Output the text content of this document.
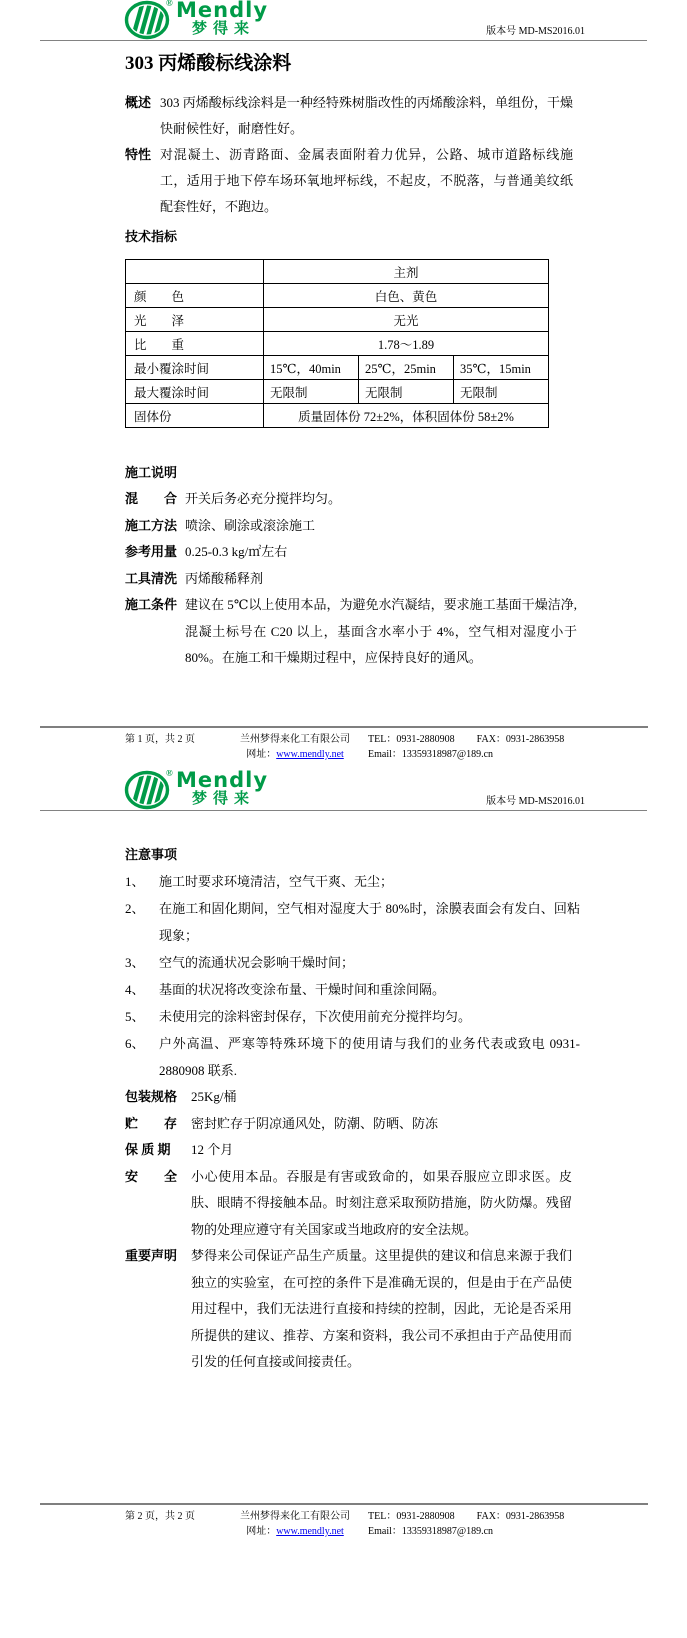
® Mendly
梦得来	版本号 MD-MS2016.01
303 丙烯酸标线涂料
概述 303 丙烯酸标线涂料是一种经特殊树脂改性的丙烯酸涂料，单组份，干燥快耐候性好，耐磨性好。
特性 对混凝土、沥青路面、金属表面附着力优异，公路、城市道路标线施工，适用于地下停车场环氧地坪标线，不起皮，不脱落，与普通美纹纸配套性好，不跑边。
技术指标
	主剂		
颜　　色	白色、黄色		
光　　泽	无光		
比　　重	1.78～1.89		
最小覆涂时间	15℃，40min	25℃，25min	35℃，15min
最大覆涂时间	无限制	无限制	无限制
固体份	质量固体份 72±2%，体积固体份 58±2%		
施工说明
混　　合 开关后务必充分搅拌均匀。
施工方法 喷涂、刷涂或滚涂施工
参考用量 0.25-0.3 kg/㎡左右
工具清洗 丙烯酸稀释剂
施工条件 建议在 5℃以上使用本品，为避免水汽凝结，要求施工基面干燥洁净, 混凝土标号在 C20 以上，基面含水率小于 4%，空气相对湿度小于 80%。在施工和干燥期过程中，应保持良好的通风。
第 1 页，共 2 页	兰州梦得来化工有限公司
网址：www.mendly.net
TEL：0931-2880908 FAX：0931-2863958
Email：13359318987@189.cn
® Mendly
梦得来	版本号 MD-MS2016.01
注意事项
1、	施工时要求环境清洁，空气干爽、无尘；
2、	在施工和固化期间，空气相对湿度大于 80%时，涂膜表面会有发白、回粘现象；
3、	空气的流通状况会影响干燥时间；
4、	基面的状况将改变涂布量、干燥时间和重涂间隔。
5、	未使用完的涂料密封保存，下次使用前充分搅拌均匀。
6、	户外高温、严寒等特殊环境下的使用请与我们的业务代表或致电 0931-2880908 联系.
包装规格	25Kg/桶
贮　　存	密封贮存于阴凉通风处，防潮、防晒、防冻
保 质 期	12 个月
安　　全	小心使用本品。吞服是有害或致命的，如果吞服应立即求医。皮肤、眼睛不得接触本品。时刻注意采取预防措施，防火防爆。残留物的处理应遵守有关国家或当地政府的安全法规。
重要声明	梦得来公司保证产品生产质量。这里提供的建议和信息来源于我们独立的实验室，在可控的条件下是准确无误的，但是由于在产品使用过程中，我们无法进行直接和持续的控制，因此，无论是否采用所提供的建议、推荐、方案和资料，我公司不承担由于产品使用而引发的任何直接或间接责任。
第 2 页，共 2 页	兰州梦得来化工有限公司
网址：www.mendly.net
TEL：0931-2880908 FAX：0931-2863958
Email：13359318987@189.cn
